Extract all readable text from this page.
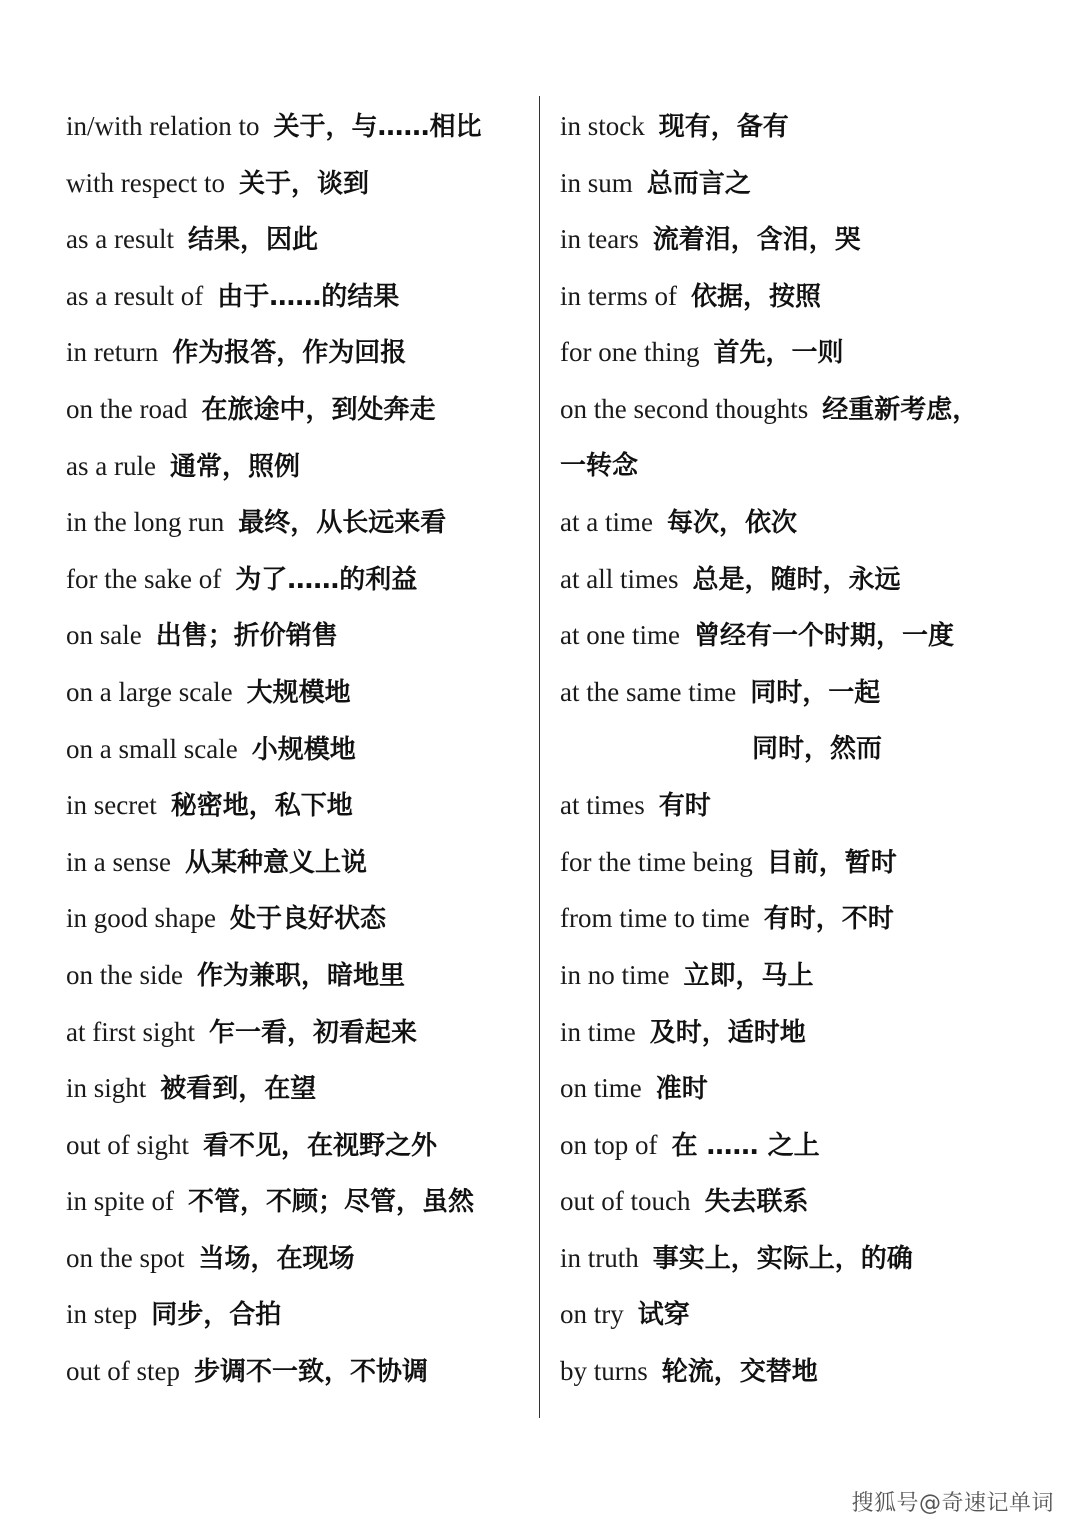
in/with relation to 关于，与……相比
with respect to 关于，谈到
as a result 结果，因此
as a result of 由于……的结果
in return 作为报答，作为回报
on the road 在旅途中，到处奔走
as a rule 通常，照例
in the long run 最终，从长远来看
for the sake of 为了……的利益
on sale 出售；折价销售
on a large scale 大规模地
on a small scale 小规模地
in secret 秘密地，私下地
in a sense 从某种意义上说
in good shape 处于良好状态
on the side 作为兼职，暗地里
at first sight 乍一看，初看起来
in sight 被看到，在望
out of sight 看不见，在视野之外
in spite of 不管，不顾；尽管，虽然
on the spot 当场，在现场
in step 同步，合拍
out of step 步调不一致，不协调
in stock 现有，备有
in sum 总而言之
in tears 流着泪，含泪，哭
in terms of 依据，按照
for one thing 首先，一则
on the second thoughts 经重新考虑，
一转念
at a time 每次，依次
at all times 总是，随时，永远
at one time 曾经有一个时期，一度
at the same time 同时，一起
同时，然而
at times 有时
for the time being 目前，暂时
from time to time 有时，不时
in no time 立即，马上
in time 及时，适时地
on time 准时
on top of 在 …… 之上
out of touch 失去联系
in truth 事实上，实际上，的确
on try 试穿
by turns 轮流，交替地
搜狐号@奇速记单词
